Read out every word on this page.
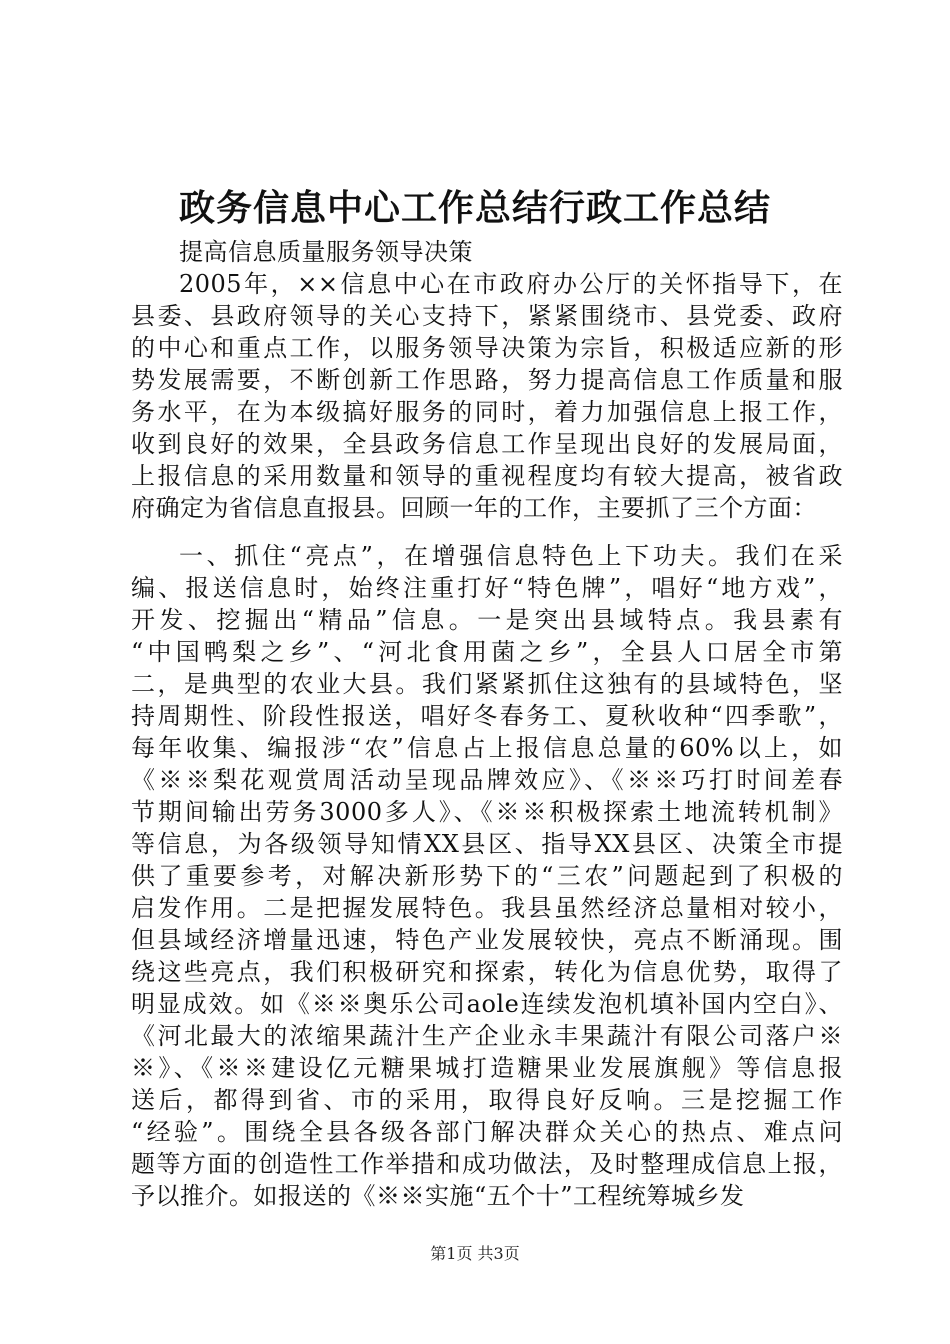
政务信息中心工作总结行政工作总结
提高信息质量服务领导决策
2005年，××信息中心在市政府办公厅的关怀指导下，在
县委、县政府领导的关心支持下，紧紧围绕市、县党委、政府
的中心和重点工作，以服务领导决策为宗旨，积极适应新的形
势发展需要，不断创新工作思路，努力提高信息工作质量和服
务水平，在为本级搞好服务的同时，着力加强信息上报工作，
收到良好的效果，全县政务信息工作呈现出良好的发展局面，
上报信息的采用数量和领导的重视程度均有较大提高，被省政
府确定为省信息直报县。回顾一年的工作，主要抓了三个方面：
一、抓住“亮点”，在增强信息特色上下功夫。我们在采
编、报送信息时，始终注重打好“特色牌”，唱好“地方戏”，
开发、挖掘出“精品”信息。一是突出县域特点。我县素有
“中国鸭梨之乡”、“河北食用菌之乡”，全县人口居全市第
二，是典型的农业大县。我们紧紧抓住这独有的县域特色，坚
持周期性、阶段性报送，唱好冬春务工、夏秋收种“四季歌”，
每年收集、编报涉“农”信息占上报信息总量的60%以上，如
《※※梨花观赏周活动呈现品牌效应》、《※※巧打时间差春
节期间输出劳务3000多人》、《※※积极探索土地流转机制》
等信息，为各级领导知情XX县区、指导XX县区、决策全市提
供了重要参考，对解决新形势下的“三农”问题起到了积极的
启发作用。二是把握发展特色。我县虽然经济总量相对较小，
但县域经济增量迅速，特色产业发展较快，亮点不断涌现。围
绕这些亮点，我们积极研究和探索，转化为信息优势，取得了
明显成效。如《※※奥乐公司aole连续发泡机填补国内空白》、
《河北最大的浓缩果蔬汁生产企业永丰果蔬汁有限公司落户※
※》、《※※建设亿元糖果城打造糖果业发展旗舰》等信息报
送后，都得到省、市的采用，取得良好反响。三是挖掘工作
“经验”。围绕全县各级各部门解决群众关心的热点、难点问
题等方面的创造性工作举措和成功做法，及时整理成信息上报，
予以推介。如报送的《※※实施“五个十”工程统筹城乡发
第1页 共3页
